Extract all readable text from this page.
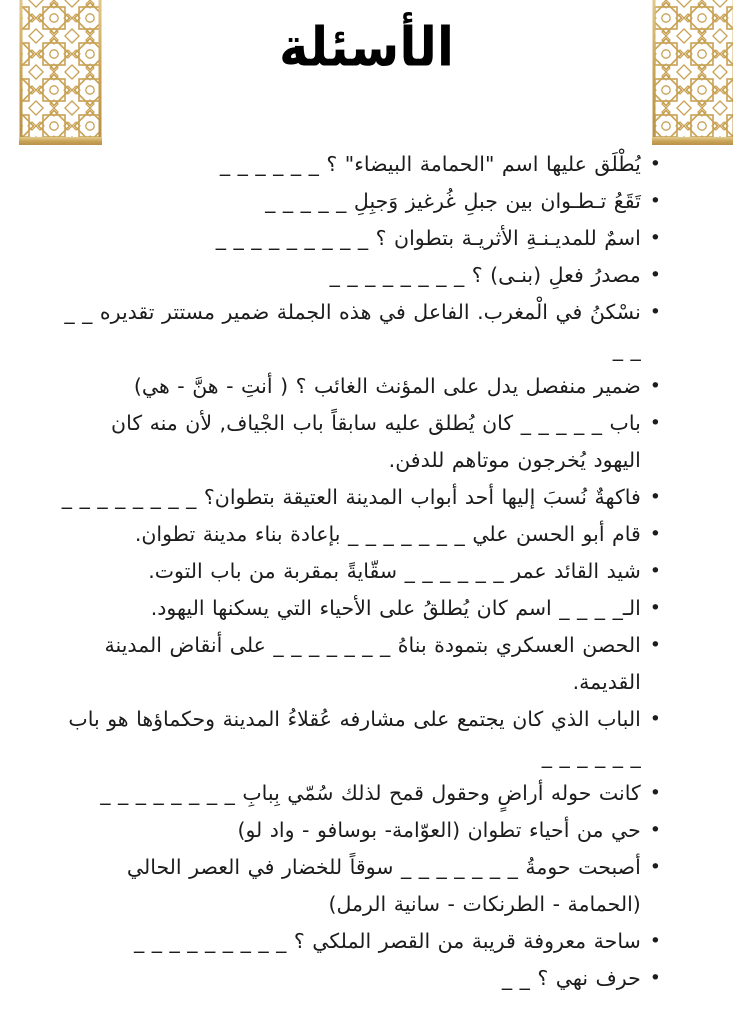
الأسئلة
•
يُطْلَق عليها اسم "الحمامة البيضاء" ؟ _ _ _ _ _ _
•
تَقَعُ تـطـوان بين جبلِ غُرغيز وَجبِلِ _ _ _ _ _
•
اسمٌ للمديـنـةِ الأثريـة بتطوان ؟ _ _ _ _ _ _ _ _ _
•
مصدرُ فعلِ (بنـى) ؟ _ _ _ _ _ _ _ _
•
نسْكنُ في الْمغرب. الفاعل في هذه الجملة ضمير مستتر تقديره _ _ _ _
•
ضمير منفصل يدل على المؤنث الغائب ؟ ( أنتِ - هنَّ - هي)
•
باب _ _ _ _ _ كان يُطلق عليه سابقاً باب الجْياف, لأن منه كان اليهود يُخرجون موتاهم للدفن.
•
فاكهةٌ نُسبَ إليها أحد أبواب المدينة العتيقة بتطوان؟ _ _ _ _ _ _ _ _
•
قام أبو الحسن علي _ _ _ _ _ _ _ بإعادة بناء مدينة تطوان.
•
شيد القائد عمر _ _ _ _ _ _ سقّايةً بمقربة من باب التوت.
•
الـ_ _ _ _ اسم كان يُطلقُ على الأحياء التي يسكنها اليهود.
•
الحصن العسكري بتمودة بناهُ _ _ _ _ _ _ _ على أنقاض المدينة القديمة.
•
الباب الذي كان يجتمع على مشارفه عُقلاءُ المدينة وحكماؤها هو باب _ _ _ _ _ _
•
كانت حوله أراضٍ وحقول قمح لذلك سُمّي بِبابِ _ _ _ _ _ _ _ _
•
حي من أحياء تطوان (العوّامة- بوسافو - واد لو)
•
أصبحت حومةُ _ _ _ _ _ _ _ سوقاً للخضار في العصر الحالي (الحمامة - الطرنكات - سانية الرمل)
•
ساحة معروفة قريبة من القصر الملكي ؟ _ _ _ _ _ _ _ _ _
•
حرف نهي ؟ _ _
